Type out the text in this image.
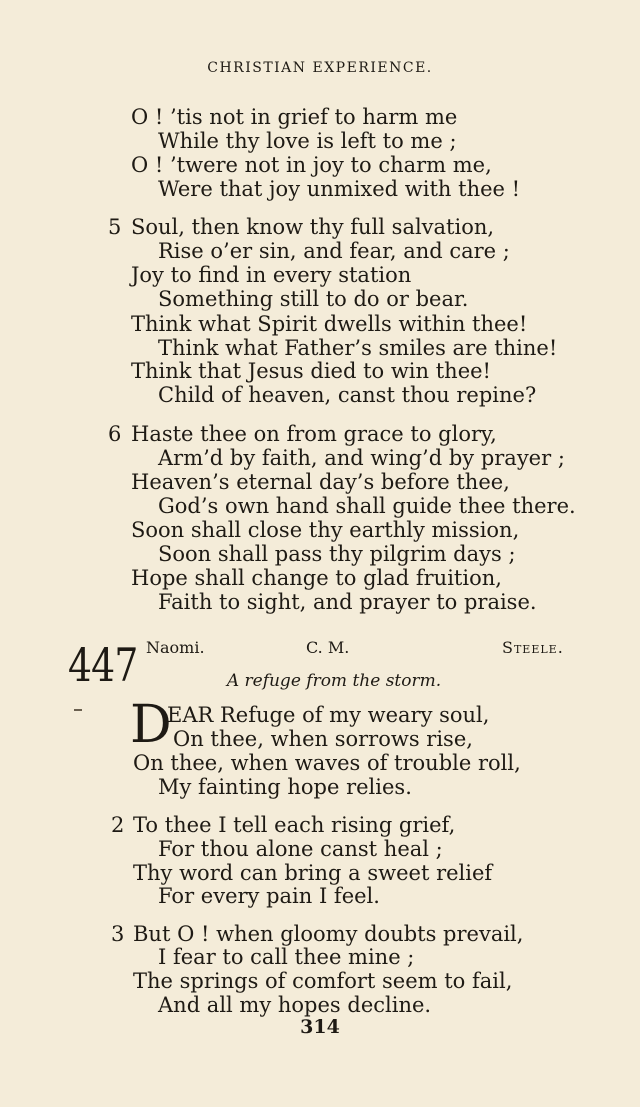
CHRISTIAN EXPERIENCE.
O ! ’tis not in grief to harm me
While thy love is left to me ;
O ! ’twere not in joy to charm me,
Were that joy unmixed with thee !
5 Soul, then know thy full salvation,
Rise o’er sin, and fear, and care ;
Joy to find in every station
Something still to do or bear.
Think what Spirit dwells within thee!
Think what Father’s smiles are thine!
Think that Jesus died to win thee!
Child of heaven, canst thou repine?
6 Haste thee on from grace to glory,
Arm’d by faith, and wing’d by prayer ;
Heaven’s eternal day’s before thee,
God’s own hand shall guide thee there.
Soon shall close thy earthly mission,
Soon shall pass thy pilgrim days ;
Hope shall change to glad fruition,
Faith to sight, and prayer to praise.
447 Naomi.	C. M.	Steele.
A refuge from the storm.
D
EAR Refuge of my weary soul,
On thee, when sorrows rise,
On thee, when waves of trouble roll,
My fainting hope relies.
2 To thee I tell each rising grief,
For thou alone canst heal ;
Thy word can bring a sweet relief
For every pain I feel.
3 But O ! when gloomy doubts prevail,
I fear to call thee mine ;
The springs of comfort seem to fail,
And all my hopes decline.
314
